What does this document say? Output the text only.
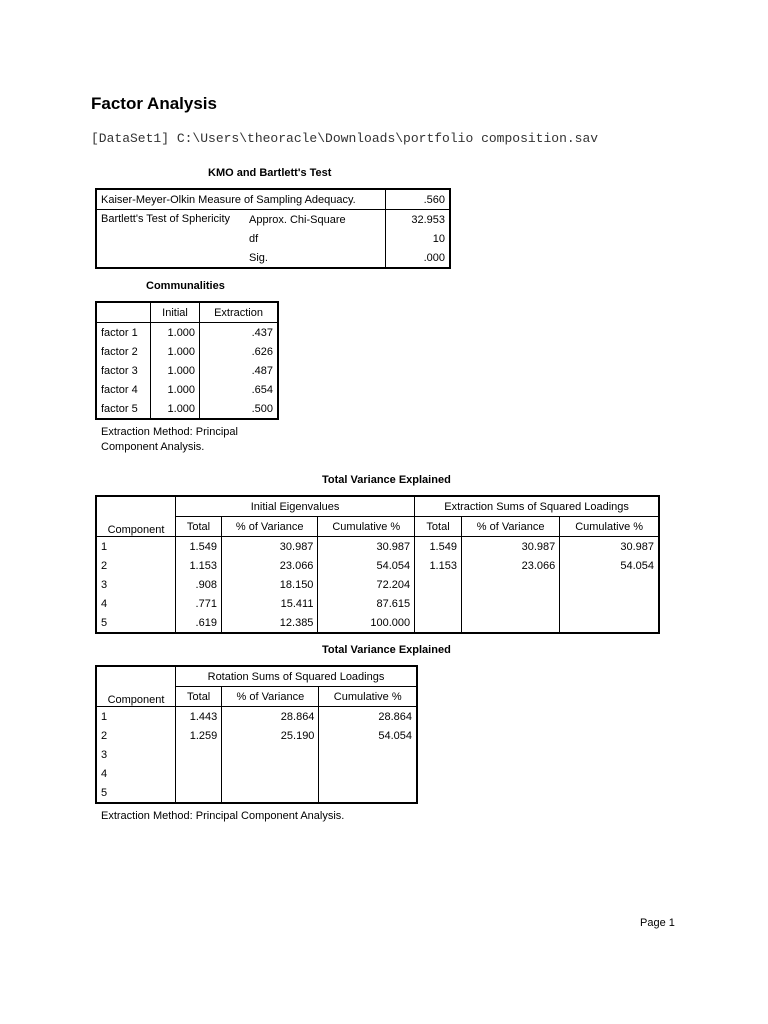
Factor Analysis
[DataSet1] C:\Users\theoracle\Downloads\portfolio composition.sav
KMO and Bartlett's Test
Kaiser-Meyer-Olkin Measure of Sampling Adequacy.		.560
Bartlett's Test of Sphericity	Approx. Chi-Square	32.953
	df	10
	Sig.	.000
Communalities
	Initial	Extraction
factor 1	1.000	.437
factor 2	1.000	.626
factor 3	1.000	.487
factor 4	1.000	.654
factor 5	1.000	.500
Extraction Method: Principal Component Analysis.
Total Variance Explained
Component	Initial Eigenvalues			Extraction Sums of Squared Loadings		
	Total	% of Variance	Cumulative %	Total	% of Variance	Cumulative %
1	1.549	30.987	30.987	1.549	30.987	30.987
2	1.153	23.066	54.054	1.153	23.066	54.054
3	.908	18.150	72.204			
4	.771	15.411	87.615			
5	.619	12.385	100.000			
Total Variance Explained
Component	Rotation Sums of Squared Loadings		
	Total	% of Variance	Cumulative %
1	1.443	28.864	28.864
2	1.259	25.190	54.054
3			
4			
5			
Extraction Method: Principal Component Analysis.
Page 1
